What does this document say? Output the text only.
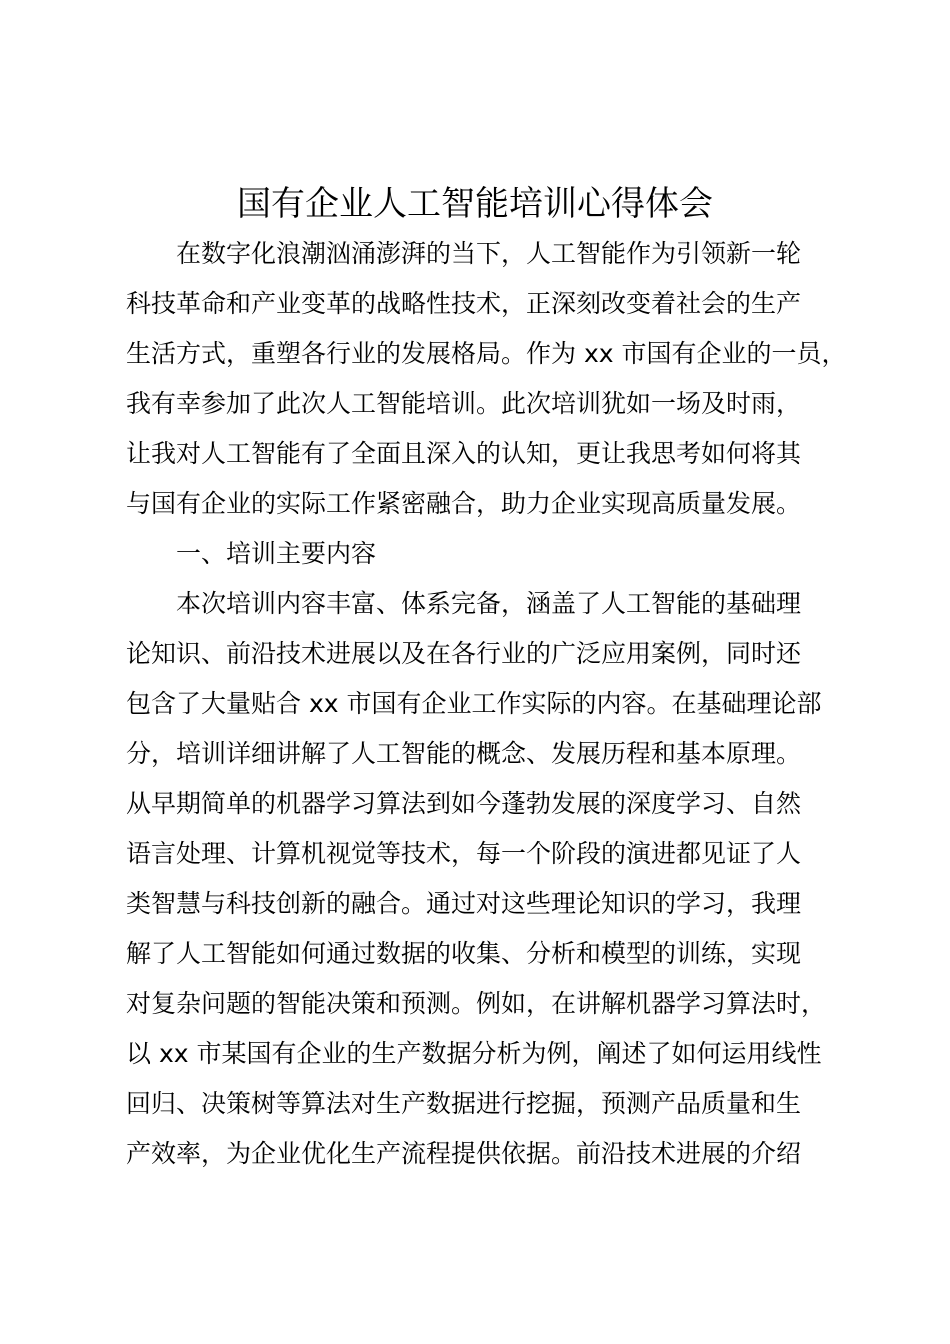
国有企业人工智能培训心得体会

在数字化浪潮汹涌澎湃的当下，人工智能作为引领新一轮

科技革命和产业变革的战略性技术，正深刻改变着社会的生产

生活方式，重塑各行业的发展格局。作为 xx 市国有企业的一员，

我有幸参加了此次人工智能培训。此次培训犹如一场及时雨，

让我对人工智能有了全面且深入的认知，更让我思考如何将其

与国有企业的实际工作紧密融合，助力企业实现高质量发展。

一、培训主要内容

本次培训内容丰富、体系完备，涵盖了人工智能的基础理

论知识、前沿技术进展以及在各行业的广泛应用案例，同时还

包含了大量贴合 xx 市国有企业工作实际的内容。在基础理论部

分，培训详细讲解了人工智能的概念、发展历程和基本原理。

从早期简单的机器学习算法到如今蓬勃发展的深度学习、自然

语言处理、计算机视觉等技术，每一个阶段的演进都见证了人

类智慧与科技创新的融合。通过对这些理论知识的学习，我理

解了人工智能如何通过数据的收集、分析和模型的训练，实现

对复杂问题的智能决策和预测。例如，在讲解机器学习算法时，

以 xx 市某国有企业的生产数据分析为例，阐述了如何运用线性

回归、决策树等算法对生产数据进行挖掘，预测产品质量和生

产效率，为企业优化生产流程提供依据。前沿技术进展的介绍
